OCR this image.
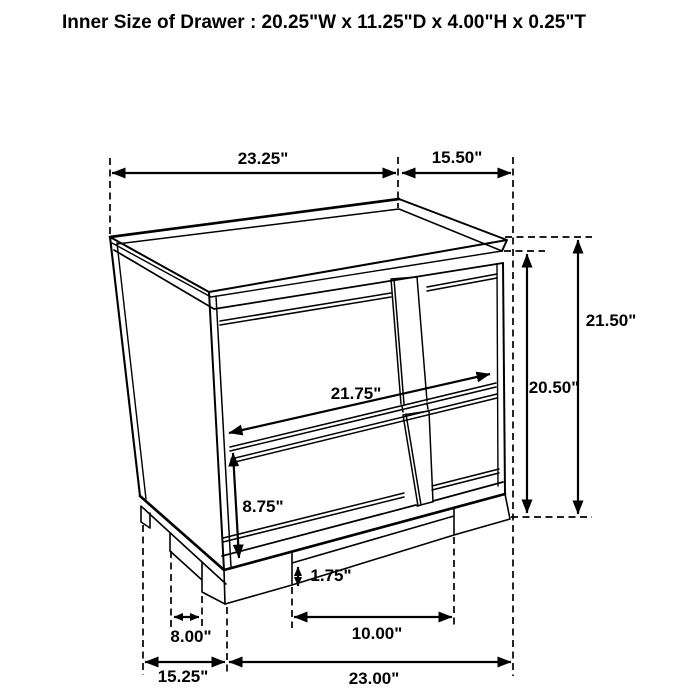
Inner Size of Drawer : 20.25"W x 11.25"D x 4.00"H x 0.25"T
23.25"	15.50"
21.50"
20.50"
21.75"
8.75"
1.75"
8.00"	10.00"
15.25"	23.00"
